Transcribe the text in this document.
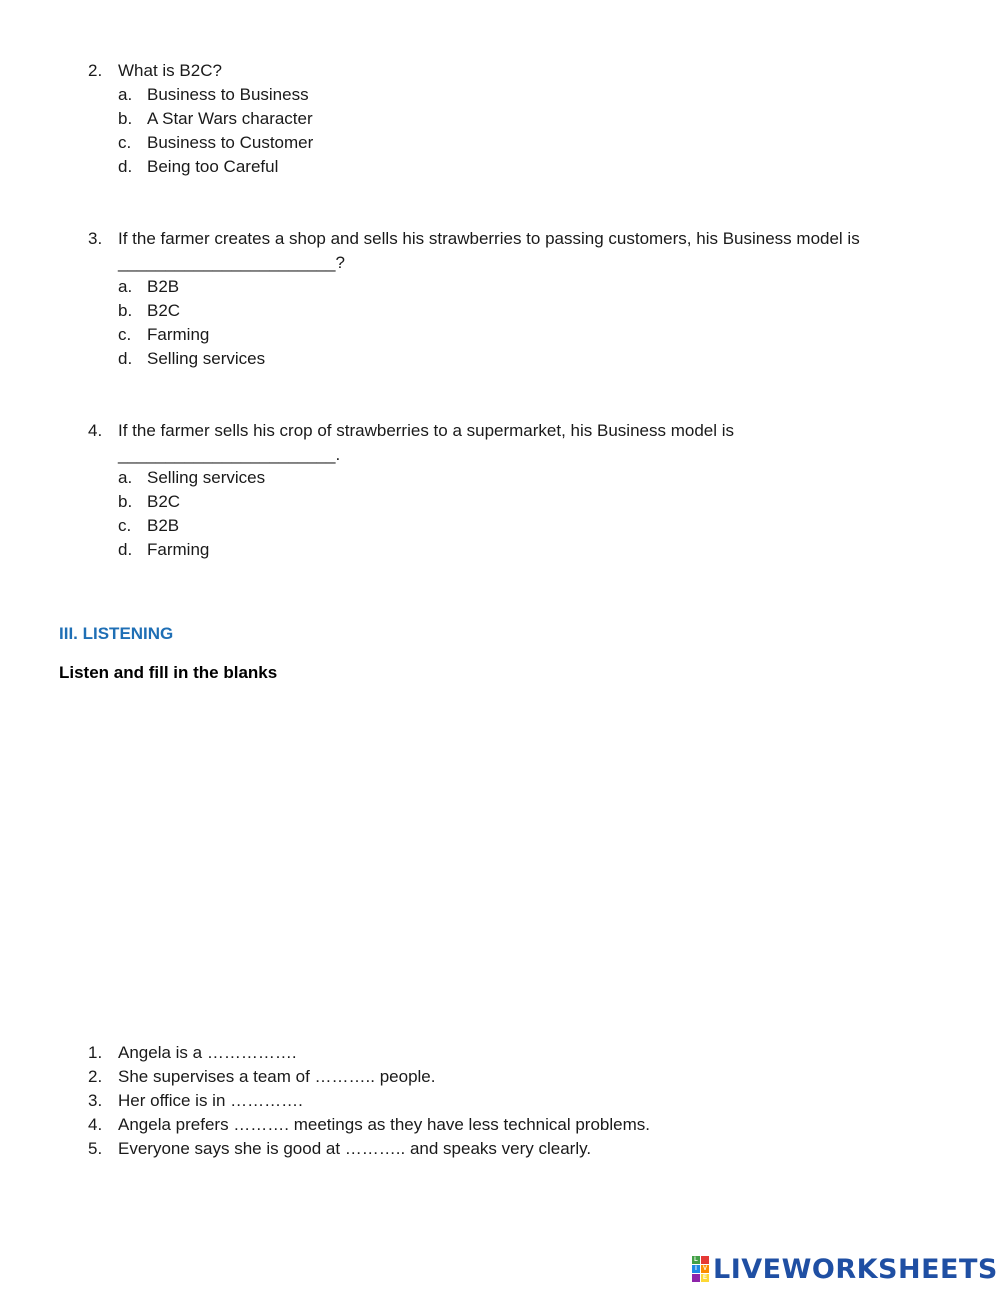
2. What is B2C?
a. Business to Business
b. A Star Wars character
c. Business to Customer
d. Being too Careful
3. If the farmer creates a shop and sells his strawberries to passing customers, his Business model is
_______________________?
a. B2B
b. B2C
c. Farming
d. Selling services
4. If the farmer sells his crop of strawberries to a supermarket, his Business model is
_______________________.
a. Selling services
b. B2C
c. B2B
d. Farming
III. LISTENING
Listen and fill in the blanks
1. Angela is a …………….
2. She supervises a team of ……….. people.
3. Her office is in ………….
4. Angela prefers ………. meetings as they have less technical problems.
5. Everyone says she is good at ……….. and speaks very clearly.
L
I	V
E LIVEWORKSHEETS
